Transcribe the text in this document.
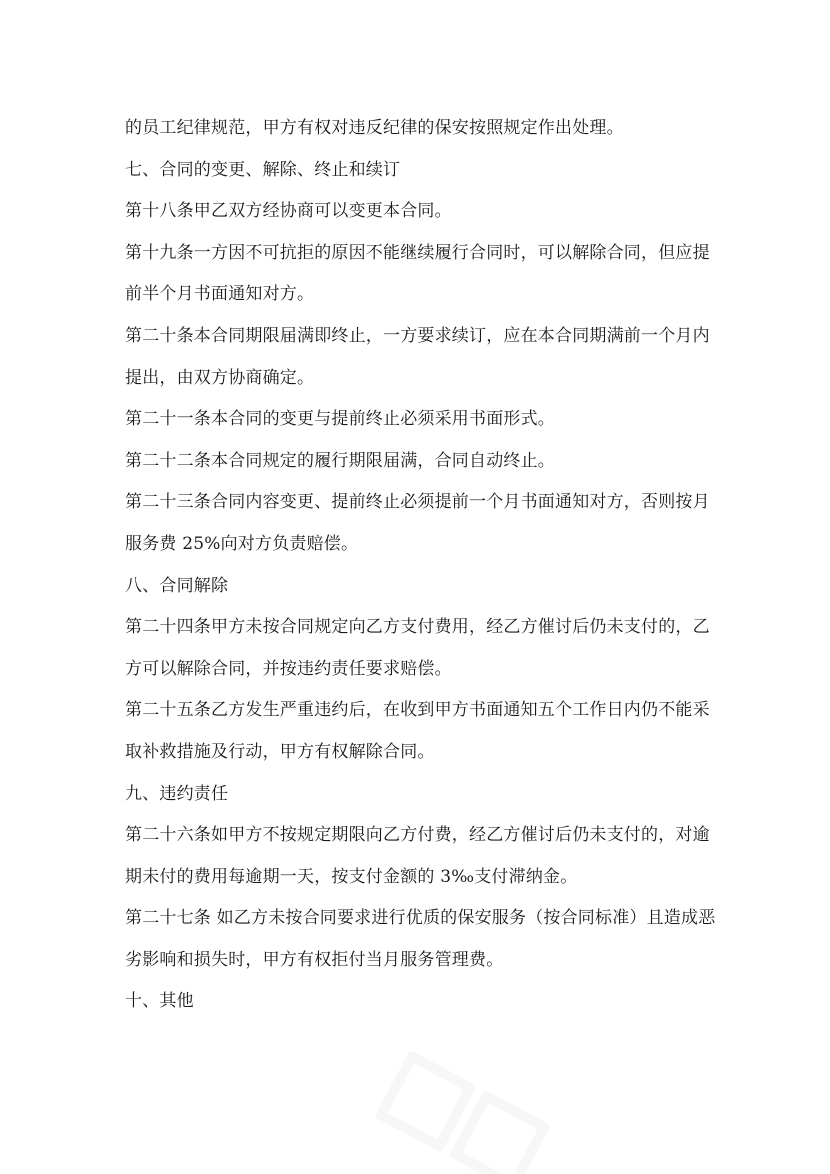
的员工纪律规范，甲方有权对违反纪律的保安按照规定作出处理。
七、合同的变更、解除、终止和续订
第十八条甲乙双方经协商可以变更本合同。
第十九条一方因不可抗拒的原因不能继续履行合同时，可以解除合同，但应提
前半个月书面通知对方。
第二十条本合同期限届满即终止，一方要求续订，应在本合同期满前一个月内
提出，由双方协商确定。
第二十一条本合同的变更与提前终止必须采用书面形式。
第二十二条本合同规定的履行期限届满，合同自动终止。
第二十三条合同内容变更、提前终止必须提前一个月书面通知对方，否则按月
服务费 25%向对方负责赔偿。
八、合同解除
第二十四条甲方未按合同规定向乙方支付费用，经乙方催讨后仍未支付的，乙
方可以解除合同，并按违约责任要求赔偿。
第二十五条乙方发生严重违约后，在收到甲方书面通知五个工作日内仍不能采
取补救措施及行动，甲方有权解除合同。
九、违约责任
第二十六条如甲方不按规定期限向乙方付费，经乙方催讨后仍未支付的，对逾
期未付的费用每逾期一天，按支付金额的 3‰支付滞纳金。
第二十七条 如乙方未按合同要求进行优质的保安服务（按合同标准）且造成恶
劣影响和损失时，甲方有权拒付当月服务管理费。
十、其他
